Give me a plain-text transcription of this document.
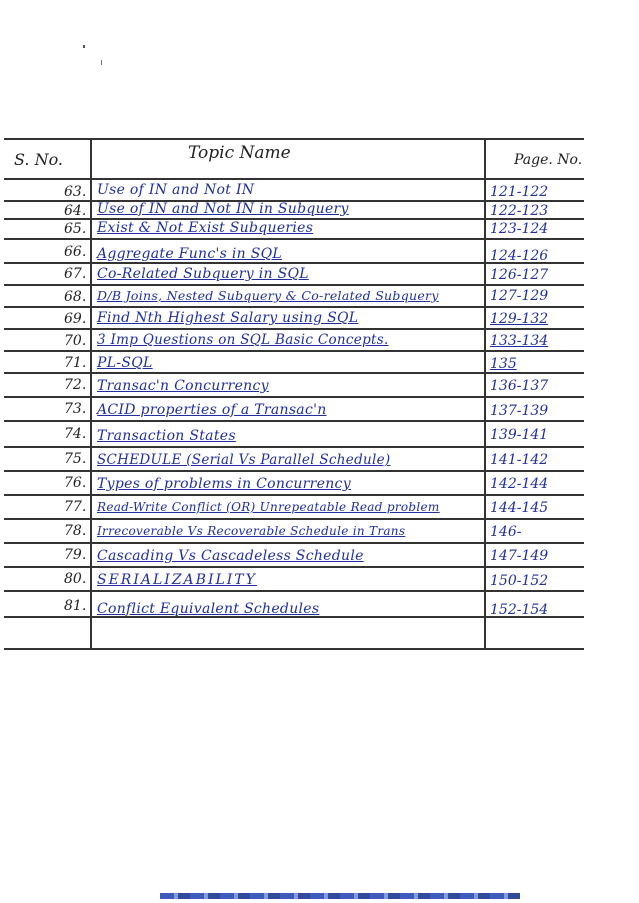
S. No.	Topic Name	Page. No.
63. Use of IN and Not IN	121-122
64. Use of IN and Not IN in Subquery	122-123
65. Exist & Not Exist Subqueries	123-124
66. Aggregate Func's in SQL	124-126
67. Co-Related Subquery in SQL	126-127
68. D/B Joins, Nested Subquery & Co-related Subquery	127-129
69. Find Nth Highest Salary using SQL	129-132
70. 3 Imp Questions on SQL Basic Concepts.	133-134
71. PL-SQL	135
72. Transac'n Concurrency	136-137
73. ACID properties of a Transac'n	137-139
74. Transaction States	139-141
75. SCHEDULE (Serial Vs Parallel Schedule)	141-142
76. Types of problems in Concurrency	142-144
77. Read-Write Conflict (OR) Unrepeatable Read problem	144-145
78. Irrecoverable Vs Recoverable Schedule in Trans	146-
79. Cascading Vs Cascadeless Schedule	147-149
80. SERIALIZABILITY	150-152
81. Conflict Equivalent Schedules	152-154
